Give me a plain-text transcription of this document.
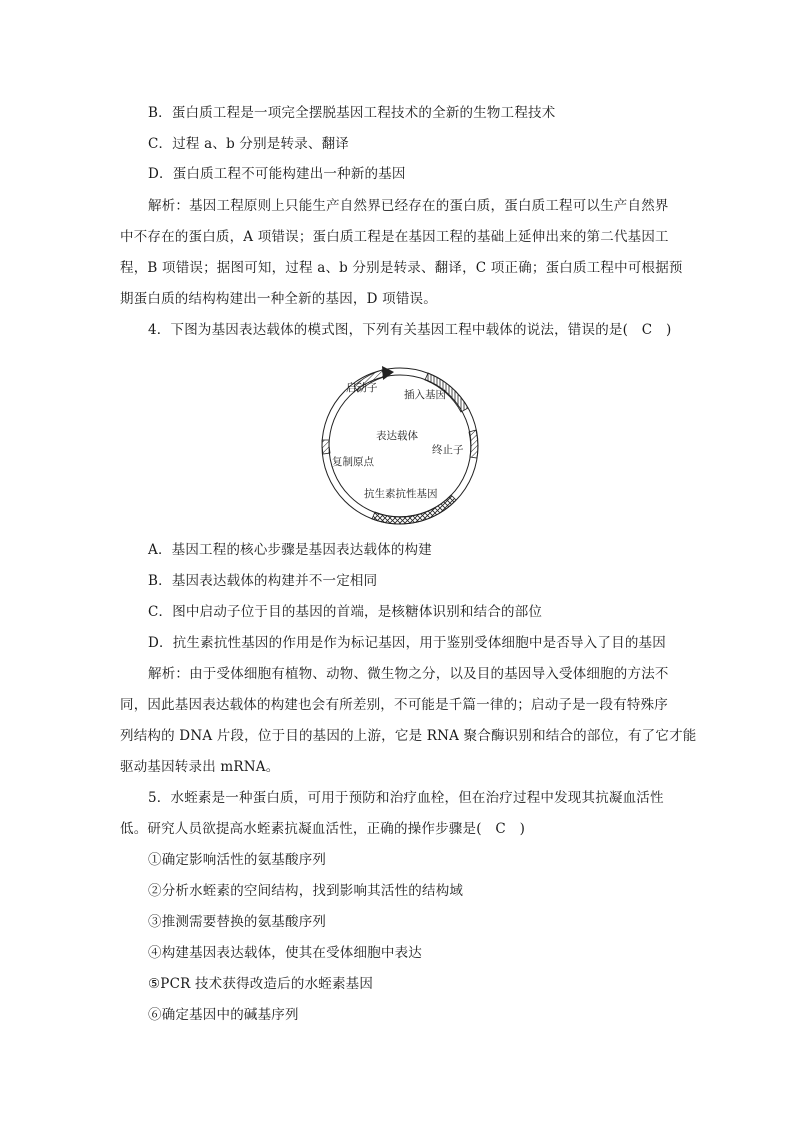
B．蛋白质工程是一项完全摆脱基因工程技术的全新的生物工程技术
C．过程 a、b 分别是转录、翻译
D．蛋白质工程不可能构建出一种新的基因
解析：基因工程原则上只能生产自然界已经存在的蛋白质，蛋白质工程可以生产自然界
中不存在的蛋白质，A 项错误；蛋白质工程是在基因工程的基础上延伸出来的第二代基因工
程，B 项错误；据图可知，过程 a、b 分别是转录、翻译，C 项正确；蛋白质工程中可根据预
期蛋白质的结构构建出一种全新的基因，D 项错误。
4．下图为基因表达载体的模式图，下列有关基因工程中载体的说法，错误的是(　C　)
启动子
插入基因
表达载体
终止子
复制原点
抗生素抗性基因
A．基因工程的核心步骤是基因表达载体的构建
B．基因表达载体的构建并不一定相同
C．图中启动子位于目的基因的首端，是核糖体识别和结合的部位
D．抗生素抗性基因的作用是作为标记基因，用于鉴别受体细胞中是否导入了目的基因
解析：由于受体细胞有植物、动物、微生物之分，以及目的基因导入受体细胞的方法不
同，因此基因表达载体的构建也会有所差别，不可能是千篇一律的；启动子是一段有特殊序
列结构的 DNA 片段，位于目的基因的上游，它是 RNA 聚合酶识别和结合的部位，有了它才能
驱动基因转录出 mRNA。
5．水蛭素是一种蛋白质，可用于预防和治疗血栓，但在治疗过程中发现其抗凝血活性
低。研究人员欲提高水蛭素抗凝血活性，正确的操作步骤是(　C　)
①确定影响活性的氨基酸序列
②分析水蛭素的空间结构，找到影响其活性的结构域
③推测需要替换的氨基酸序列
④构建基因表达载体，使其在受体细胞中表达
⑤PCR 技术获得改造后的水蛭素基因
⑥确定基因中的碱基序列
